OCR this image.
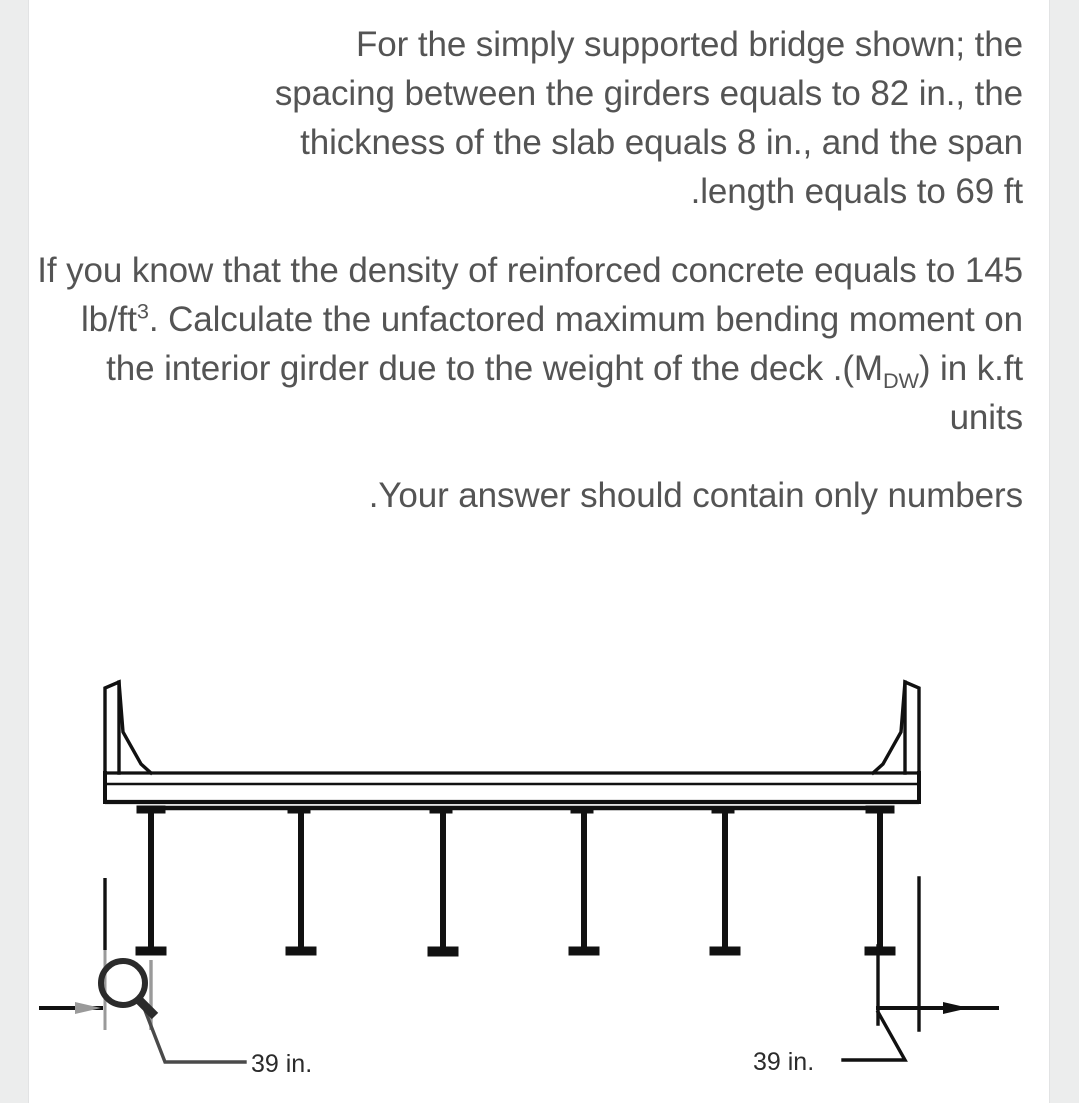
For the simply supported bridge shown; the
spacing between the girders equals to 82 in., the
thickness of the slab equals 8 in., and the span
.length equals to 69 ft
If you know that the density of reinforced concrete equals to 145 $lb/ft^3$. Calculate the unfactored maximum bending moment on the interior girder due to the weight of the deck $.(M_{DW})$ in k.ft units
.Your answer should contain only numbers
39 in.	39 in.
